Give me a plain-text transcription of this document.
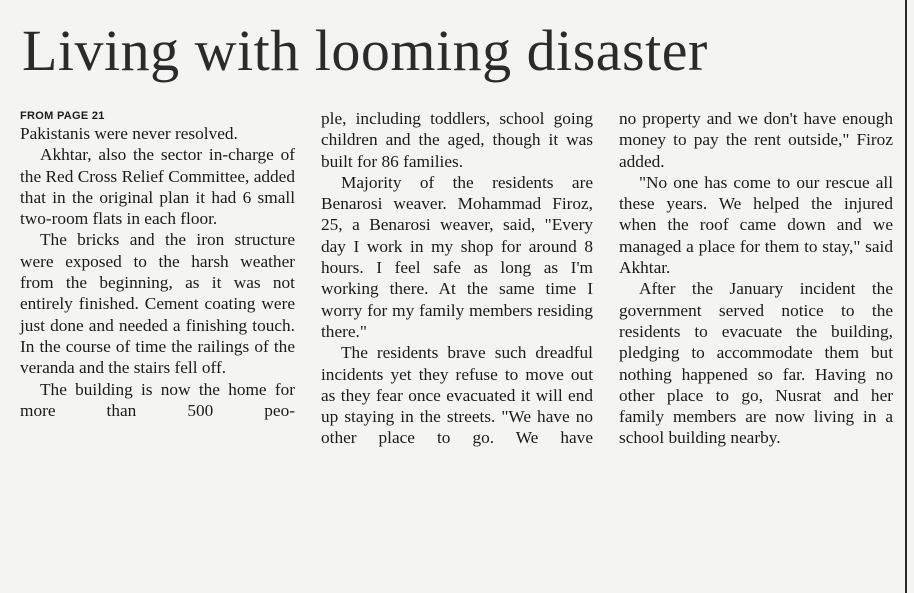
Living with looming disaster

FROM PAGE 21

Pakistanis were never resolved.

Akhtar, also the sector in-charge of the Red Cross Relief Committee, added that in the original plan it had 6 small two-room flats in each floor.

The bricks and the iron structure were exposed to the harsh weather from the beginning, as it was not entirely finished. Cement coating were just done and needed a finishing touch. In the course of time the railings of the veranda and the stairs fell off.

The building is now the home for more than 500 peo-

ple, including toddlers, school going children and the aged, though it was built for 86 families.

Majority of the residents are Benarosi weaver. Mohammad Firoz, 25, a Benarosi weaver, said, "Every day I work in my shop for around 8 hours. I feel safe as long as I'm working there. At the same time I worry for my family members residing there."

The residents brave such dreadful incidents yet they refuse to move out as they fear once evacuated it will end up staying in the streets. "We have no other place to go. We have

no property and we don't have enough money to pay the rent outside," Firoz added.

"No one has come to our rescue all these years. We helped the injured when the roof came down and we managed a place for them to stay," said Akhtar.

After the January incident the government served notice to the residents to evacuate the building, pledging to accommodate them but nothing happened so far. Having no other place to go, Nusrat and her family members are now living in a school building nearby.
